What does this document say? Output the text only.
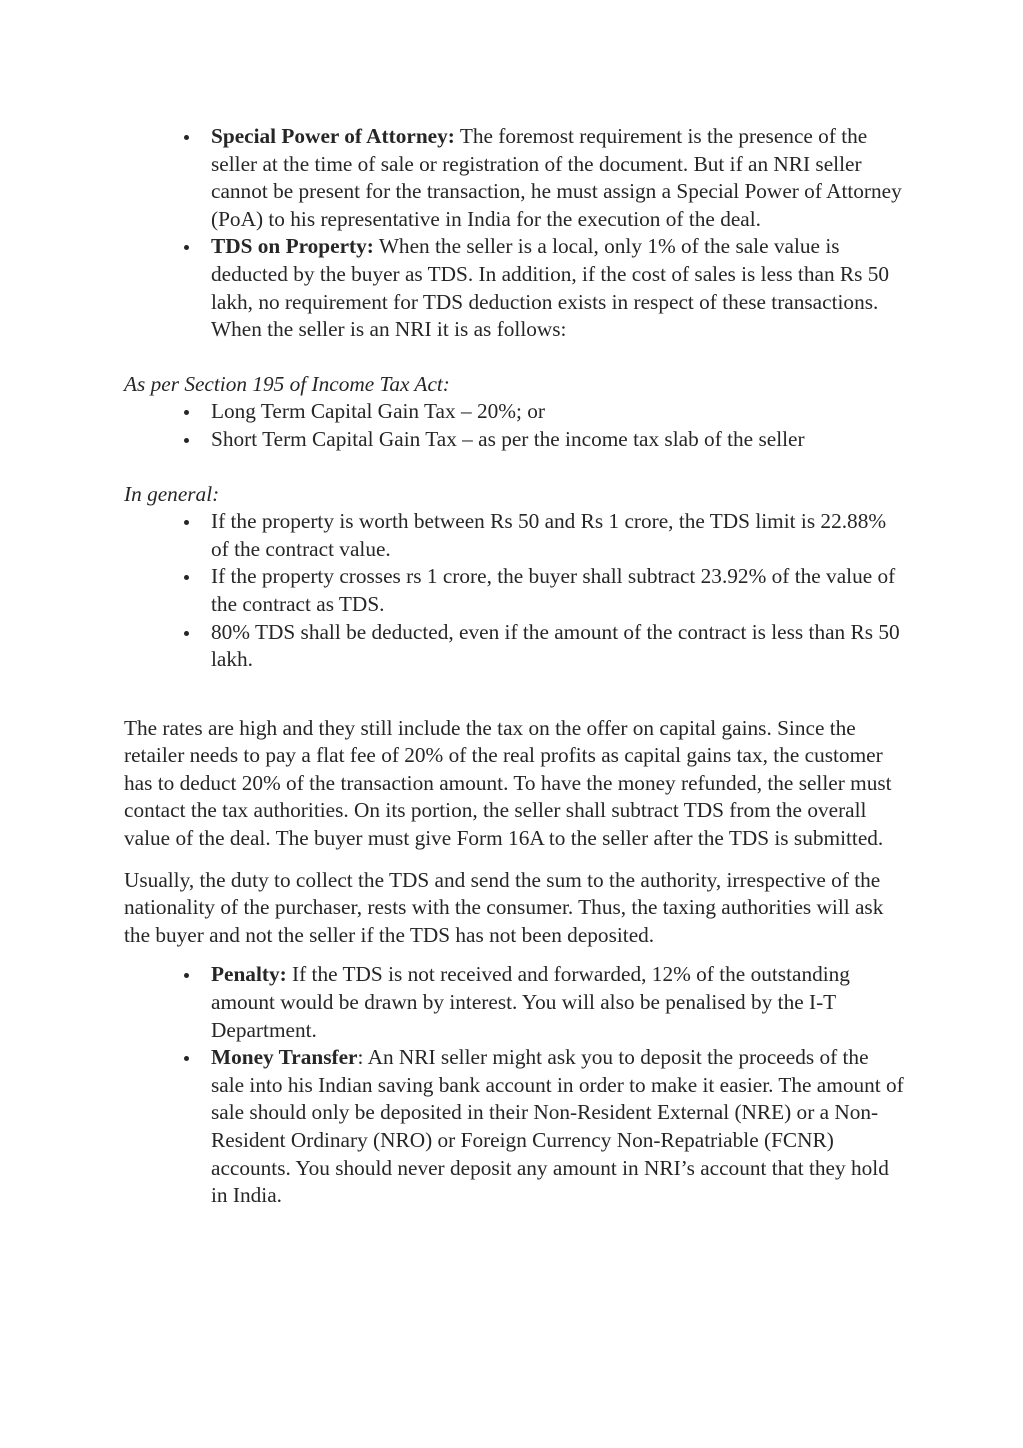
Special Power of Attorney: The foremost requirement is the presence of the seller at the time of sale or registration of the document. But if an NRI seller cannot be present for the transaction, he must assign a Special Power of Attorney (PoA) to his representative in India for the execution of the deal.
TDS on Property: When the seller is a local, only 1% of the sale value is deducted by the buyer as TDS. In addition, if the cost of sales is less than Rs 50 lakh, no requirement for TDS deduction exists in respect of these transactions. When the seller is an NRI it is as follows:

As per Section 195 of Income Tax Act:

Long Term Capital Gain Tax – 20%; or
Short Term Capital Gain Tax – as per the income tax slab of the seller

In general:

If the property is worth between Rs 50 and Rs 1 crore, the TDS limit is 22.88% of the contract value.
If the property crosses rs 1 crore, the buyer shall subtract 23.92% of the value of the contract as TDS.
80% TDS shall be deducted, even if the amount of the contract is less than Rs 50 lakh.

The rates are high and they still include the tax on the offer on capital gains. Since the retailer needs to pay a flat fee of 20% of the real profits as capital gains tax, the customer has to deduct 20% of the transaction amount. To have the money refunded, the seller must contact the tax authorities. On its portion, the seller shall subtract TDS from the overall value of the deal. The buyer must give Form 16A to the seller after the TDS is submitted.

Usually, the duty to collect the TDS and send the sum to the authority, irrespective of the nationality of the purchaser, rests with the consumer. Thus, the taxing authorities will ask the buyer and not the seller if the TDS has not been deposited.

Penalty: If the TDS is not received and forwarded, 12% of the outstanding amount would be drawn by interest. You will also be penalised by the I-T Department.
Money Transfer: An NRI seller might ask you to deposit the proceeds of the sale into his Indian saving bank account in order to make it easier. The amount of sale should only be deposited in their Non-Resident External (NRE) or a Non-Resident Ordinary (NRO) or Foreign Currency Non-Repatriable (FCNR) accounts. You should never deposit any amount in NRI’s account that they hold in India.
